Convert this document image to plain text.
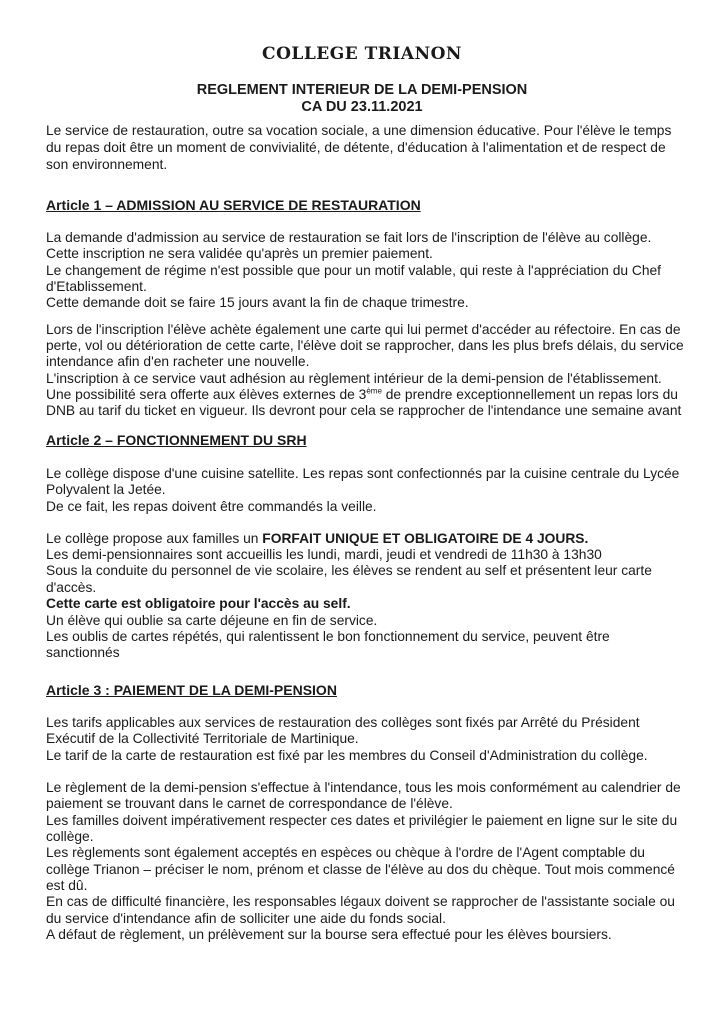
COLLEGE TRIANON
REGLEMENT INTERIEUR DE LA DEMI-PENSION
CA DU 23.11.2021
Le service de restauration, outre sa vocation sociale, a une dimension éducative. Pour l'élève le temps
du repas doit être un moment de convivialité, de détente, d'éducation à l'alimentation et de respect de
son environnement.
Article 1 – ADMISSION AU SERVICE DE RESTAURATION
La demande d'admission au service de restauration se fait lors de l'inscription de l'élève au collège.
Cette inscription ne sera validée qu'après un premier paiement.
Le changement de régime n'est possible que pour un motif valable, qui reste à l'appréciation du Chef
d'Etablissement.
Cette demande doit se faire 15 jours avant la fin de chaque trimestre.
Lors de l'inscription l'élève achète également une carte qui lui permet d'accéder au réfectoire. En cas de
perte, vol ou détérioration de cette carte, l'élève doit se rapprocher, dans les plus brefs délais, du service
intendance afin d'en racheter une nouvelle.
L'inscription à ce service vaut adhésion au règlement intérieur de la demi-pension de l'établissement.
Une possibilité sera offerte aux élèves externes de 3ème de prendre exceptionnellement un repas lors du
DNB au tarif du ticket en vigueur. Ils devront pour cela se rapprocher de l'intendance une semaine avant
Article 2 – FONCTIONNEMENT DU SRH
Le collège dispose d'une cuisine satellite. Les repas sont confectionnés par la cuisine centrale du Lycée
Polyvalent la Jetée.
De ce fait, les repas doivent être commandés la veille.
Le collège propose aux familles un FORFAIT UNIQUE ET OBLIGATOIRE DE 4 JOURS.
Les demi-pensionnaires sont accueillis les lundi, mardi, jeudi et vendredi de 11h30 à 13h30
Sous la conduite du personnel de vie scolaire, les élèves se rendent au self et présentent leur carte
d'accès.
Cette carte est obligatoire pour l'accès au self.
Un élève qui oublie sa carte déjeune en fin de service.
Les oublis de cartes répétés, qui ralentissent le bon fonctionnement du service, peuvent être
sanctionnés
Article 3 : PAIEMENT DE LA DEMI-PENSION
Les tarifs applicables aux services de restauration des collèges sont fixés par Arrêté du Président
Exécutif de la Collectivité Territoriale de Martinique.
Le tarif de la carte de restauration est fixé par les membres du Conseil d'Administration du collège.
Le règlement de la demi-pension s'effectue à l'intendance, tous les mois conformément au calendrier de
paiement se trouvant dans le carnet de correspondance de l'élève.
Les familles doivent impérativement respecter ces dates et privilégier le paiement en ligne sur le site du
collège.
Les règlements sont également acceptés en espèces ou chèque à l'ordre de l'Agent comptable du
collège Trianon – préciser le nom, prénom et classe de l'élève au dos du chèque. Tout mois commencé
est dû.
En cas de difficulté financière, les responsables légaux doivent se rapprocher de l'assistante sociale ou
du service d'intendance afin de solliciter une aide du fonds social.
A défaut de règlement, un prélèvement sur la bourse sera effectué pour les élèves boursiers.
